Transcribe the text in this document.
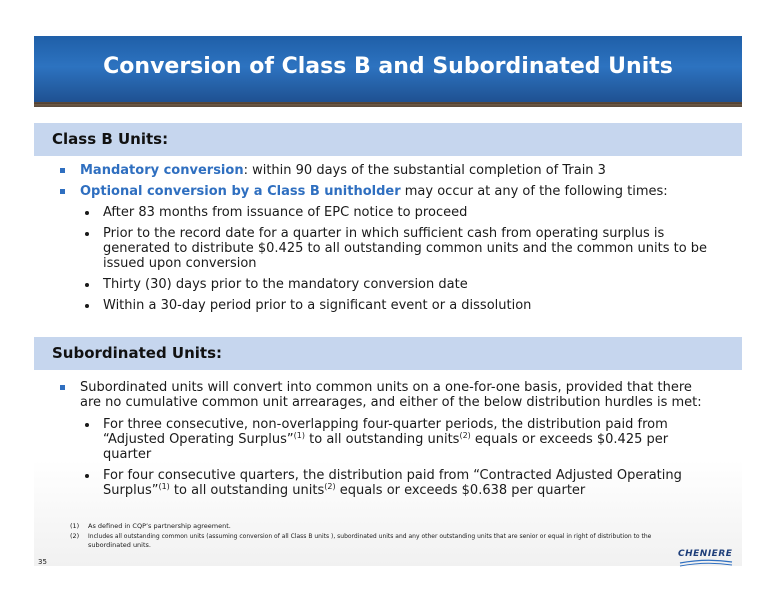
Conversion of Class B and Subordinated Units
Class B Units:
Mandatory conversion: within 90 days of the substantial completion of Train 3
Optional conversion by a Class B unitholder may occur at any of the following times:
After 83 months from issuance of EPC notice to proceed
Prior to the record date for a quarter in which sufficient cash from operating surplus is
generated to distribute $0.425 to all outstanding common units and the common units to be
issued upon conversion
Thirty (30) days prior to the mandatory conversion date
Within a 30-day period prior to a significant event or a dissolution
Subordinated Units:
Subordinated units will convert into common units on a one-for-one basis, provided that there
are no cumulative common unit arrearages, and either of the below distribution hurdles is met:
For three consecutive, non-overlapping four-quarter periods, the distribution paid from
“Adjusted Operating Surplus”$^{(1)}$ to all outstanding units$^{(2)}$ equals or exceeds $0.425 per
quarter
For four consecutive quarters, the distribution paid from “Contracted Adjusted Operating
Surplus”$^{(1)}$ to all outstanding units$^{(2)}$ equals or exceeds $0.638 per quarter
(1) As defined in CQP’s partnership agreement.
(2) Includes all outstanding common units (assuming conversion of all Class B units ), subordinated units and any other outstanding units that are senior or equal in right of distribution to the
subordinated units.
35
CHENIERE
